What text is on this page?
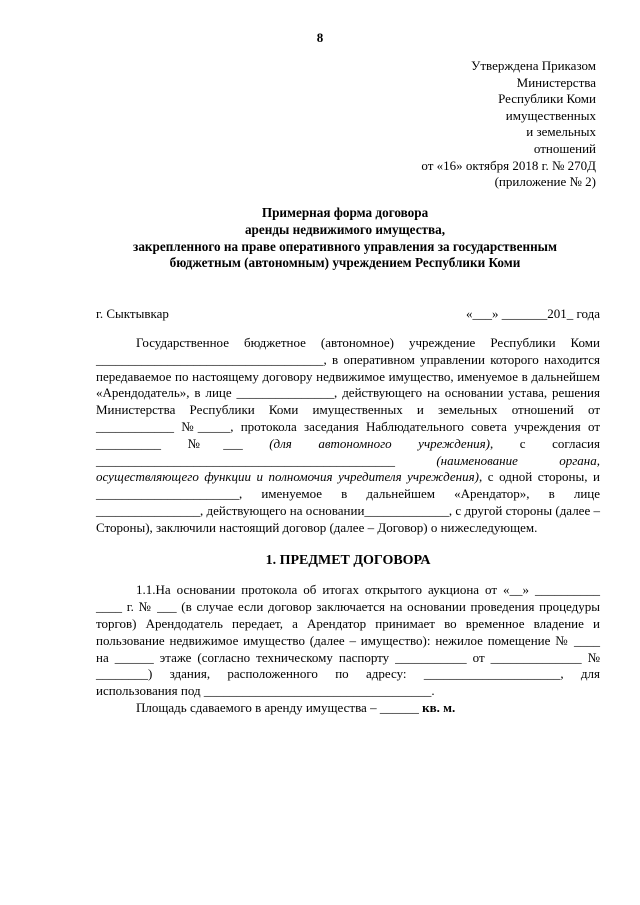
8
Утверждена Приказом
Министерства
Республики Коми
имущественных
и земельных
отношений
от «16» октября 2018 г. № 270Д
(приложение № 2)
Примерная форма договора
аренды недвижимого имущества,
закрепленного на праве оперативного управления за государственным
бюджетным (автономным) учреждением Республики Коми
г. Сыктывкар	«___» _______201_ года

Государственное бюджетное (автономное) учреждение Республики Коми ___________________________________, в оперативном управлении которого находится передаваемое по настоящему договору недвижимое имущество, именуемое в дальнейшем «Арендодатель», в лице _______________, действующего на основании устава, решения Министерства Республики Коми имущественных и земельных отношений от ____________ №_____, протокола заседания Наблюдательного совета учреждения от __________ №___ (для автономного учреждения), с согласия ______________________________________________ (наименование органа, осуществляющего функции и полномочия учредителя учреждения), с одной стороны, и ______________________, именуемое в дальнейшем «Арендатор», в лице ________________, действующего на основании_____________, с другой стороны (далее – Стороны), заключили настоящий договор (далее – Договор) о нижеследующем.

1. ПРЕДМЕТ ДОГОВОРА

1.1.На основании протокола об итогах открытого аукциона от «__» __________ ____ г. № ___ (в случае если договор заключается на основании проведения процедуры торгов) Арендодатель передает, а Арендатор принимает во временное владение и пользование недвижимое имущество (далее – имущество): нежилое помещение № ____ на ______ этаже (согласно техническому паспорту ___________ от ______________ № ________) здания, расположенного по адресу: _____________________, для использования под ___________________________________.

Площадь сдаваемого в аренду имущества – ______ кв. м.
